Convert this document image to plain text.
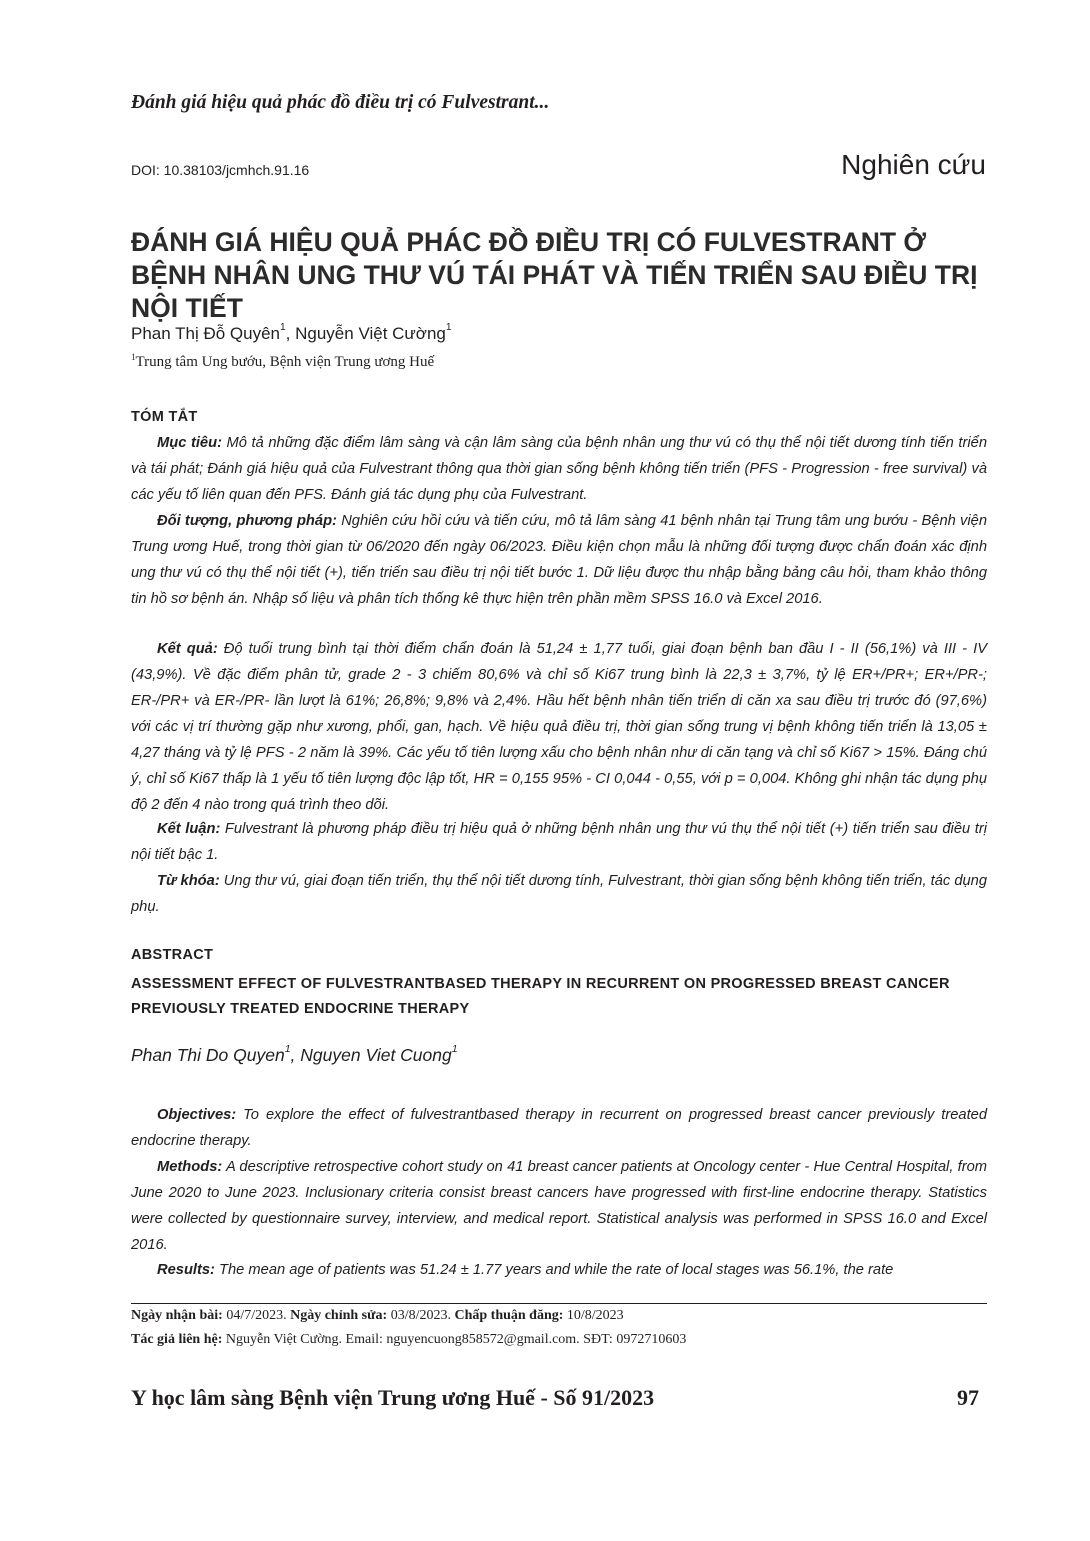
Đánh giá hiệu quả phác đồ điều trị có Fulvestrant...
DOI: 10.38103/jcmhch.91.16	Nghiên cứu
ĐÁNH GIÁ HIỆU QUẢ PHÁC ĐỒ ĐIỀU TRỊ CÓ FULVESTRANT Ở BỆNH NHÂN UNG THƯ VÚ TÁI PHÁT VÀ TIẾN TRIỂN SAU ĐIỀU TRỊ NỘI TIẾT
Phan Thị Đỗ Quyên$^1$, Nguyễn Việt Cường$^1$
$^1$Trung tâm Ung bướu, Bệnh viện Trung ương Huế
TÓM TẮT
Mục tiêu: Mô tả những đặc điểm lâm sàng và cận lâm sàng của bệnh nhân ung thư vú có thụ thể nội tiết dương tính tiến triển và tái phát; Đánh giá hiệu quả của Fulvestrant thông qua thời gian sống bệnh không tiến triển (PFS - Progression - free survival) và các yếu tố liên quan đến PFS. Đánh giá tác dụng phụ của Fulvestrant.
Đối tượng, phương pháp: Nghiên cứu hồi cứu và tiến cứu, mô tả lâm sàng 41 bệnh nhân tại Trung tâm ung bướu - Bệnh viện Trung ương Huế, trong thời gian từ 06/2020 đến ngày 06/2023. Điều kiện chọn mẫu là những đối tượng được chẩn đoán xác định ung thư vú có thụ thể nội tiết (+), tiến triển sau điều trị nội tiết bước 1. Dữ liệu được thu nhập bằng bảng câu hỏi, tham khảo thông tin hồ sơ bệnh án. Nhập số liệu và phân tích thống kê thực hiện trên phần mềm SPSS 16.0 và Excel 2016.
Kết quả: Độ tuổi trung bình tại thời điểm chẩn đoán là 51,24 ± 1,77 tuổi, giai đoạn bệnh ban đầu I - II (56,1%) và III - IV (43,9%). Về đặc điểm phân tử, grade 2 - 3 chiếm 80,6% và chỉ số Ki67 trung bình là 22,3 ± 3,7%, tỷ lệ ER+/PR+; ER+/PR-; ER-/PR+ và ER-/PR- lần lượt là 61%; 26,8%; 9,8% và 2,4%. Hầu hết bệnh nhân tiến triển di căn xa sau điều trị trước đó (97,6%) với các vị trí thường gặp như xương, phổi, gan, hạch. Về hiệu quả điều trị, thời gian sống trung vị bệnh không tiến triển là 13,05 ± 4,27 tháng và tỷ lệ PFS - 2 năm là 39%. Các yếu tố tiên lượng xấu cho bệnh nhân như di căn tạng và chỉ số Ki67 > 15%. Đáng chú ý, chỉ số Ki67 thấp là 1 yếu tố tiên lượng độc lập tốt, HR = 0,155 95% - CI 0,044 - 0,55, với p = 0,004. Không ghi nhận tác dụng phụ độ 2 đến 4 nào trong quá trình theo dõi.
Kết luận: Fulvestrant là phương pháp điều trị hiệu quả ở những bệnh nhân ung thư vú thụ thể nội tiết (+) tiến triển sau điều trị nội tiết bậc 1.
Từ khóa: Ung thư vú, giai đoạn tiến triển, thụ thể nội tiết dương tính, Fulvestrant, thời gian sống bệnh không tiến triển, tác dụng phụ.
ABSTRACT
ASSESSMENT EFFECT OF FULVESTRANTBASED THERAPY IN RECURRENT ON PROGRESSED BREAST CANCER PREVIOUSLY TREATED ENDOCRINE THERAPY
Phan Thi Do Quyen$^1$, Nguyen Viet Cuong$^1$
Objectives: To explore the effect of fulvestrantbased therapy in recurrent on progressed breast cancer previously treated endocrine therapy.
Methods: A descriptive retrospective cohort study on 41 breast cancer patients at Oncology center - Hue Central Hospital, from June 2020 to June 2023. Inclusionary criteria consist breast cancers have progressed with first-line endocrine therapy. Statistics were collected by questionnaire survey, interview, and medical report. Statistical analysis was performed in SPSS 16.0 and Excel 2016.
Results: The mean age of patients was 51.24 ± 1.77 years and while the rate of local stages was 56.1%, the rate
Ngày nhận bài: 04/7/2023. Ngày chỉnh sửa: 03/8/2023. Chấp thuận đăng: 10/8/2023
Tác giả liên hệ: Nguyễn Việt Cường. Email: nguyencuong858572@gmail.com. SĐT: 0972710603
Y học lâm sàng Bệnh viện Trung ương Huế - Số 91/2023	97
